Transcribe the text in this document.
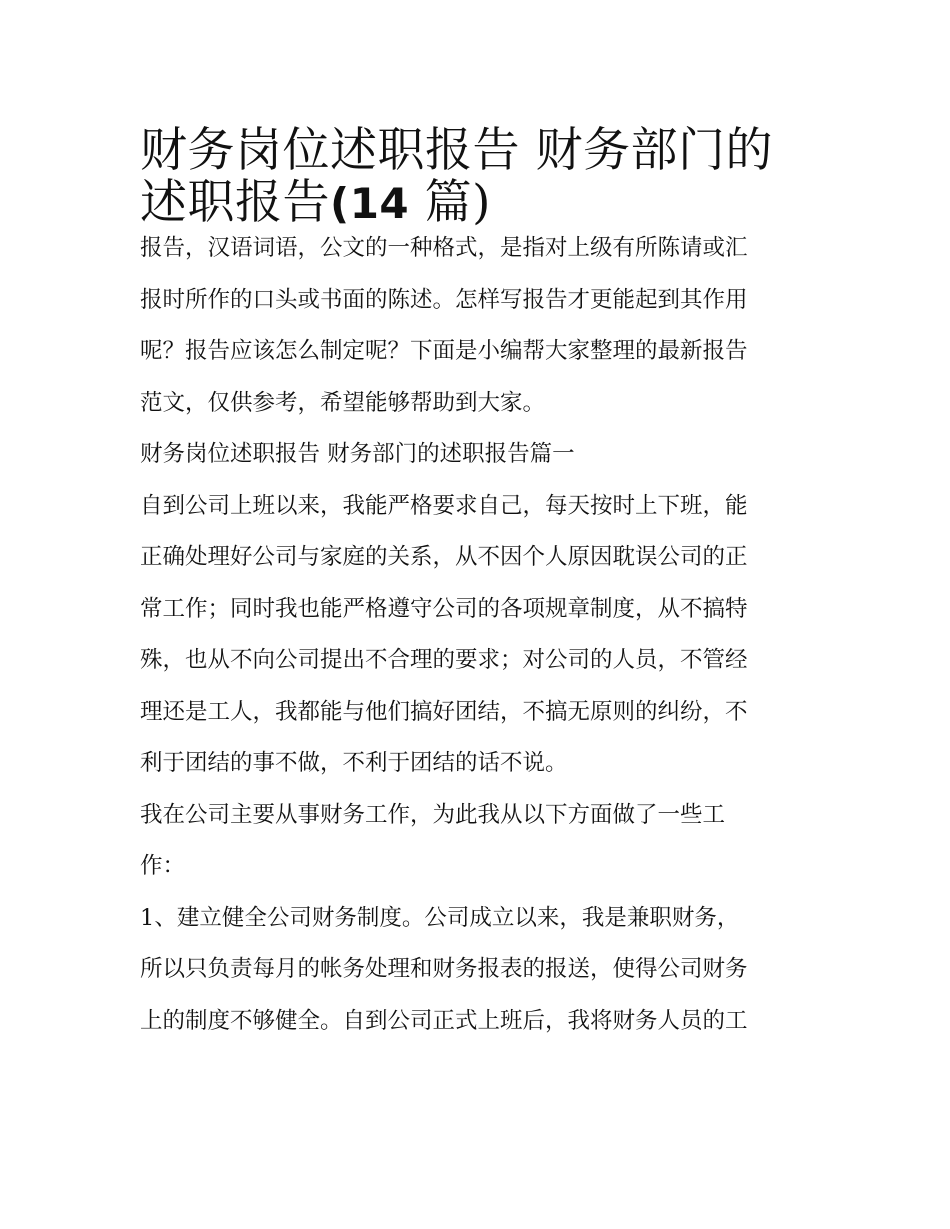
财务岗位述职报告 财务部门的
述职报告(14 篇)

报告，汉语词语，公文的一种格式，是指对上级有所陈请或汇
报时所作的口头或书面的陈述。怎样写报告才更能起到其作用
呢？报告应该怎么制定呢？下面是小编帮大家整理的最新报告
范文，仅供参考，希望能够帮助到大家。

财务岗位述职报告 财务部门的述职报告篇一

自到公司上班以来，我能严格要求自己，每天按时上下班，能
正确处理好公司与家庭的关系，从不因个人原因耽误公司的正
常工作；同时我也能严格遵守公司的各项规章制度，从不搞特
殊，也从不向公司提出不合理的要求；对公司的人员，不管经
理还是工人，我都能与他们搞好团结，不搞无原则的纠纷，不
利于团结的事不做，不利于团结的话不说。

我在公司主要从事财务工作，为此我从以下方面做了一些工
作：

1、建立健全公司财务制度。公司成立以来，我是兼职财务，
所以只负责每月的帐务处理和财务报表的报送，使得公司财务
上的制度不够健全。自到公司正式上班后，我将财务人员的工
